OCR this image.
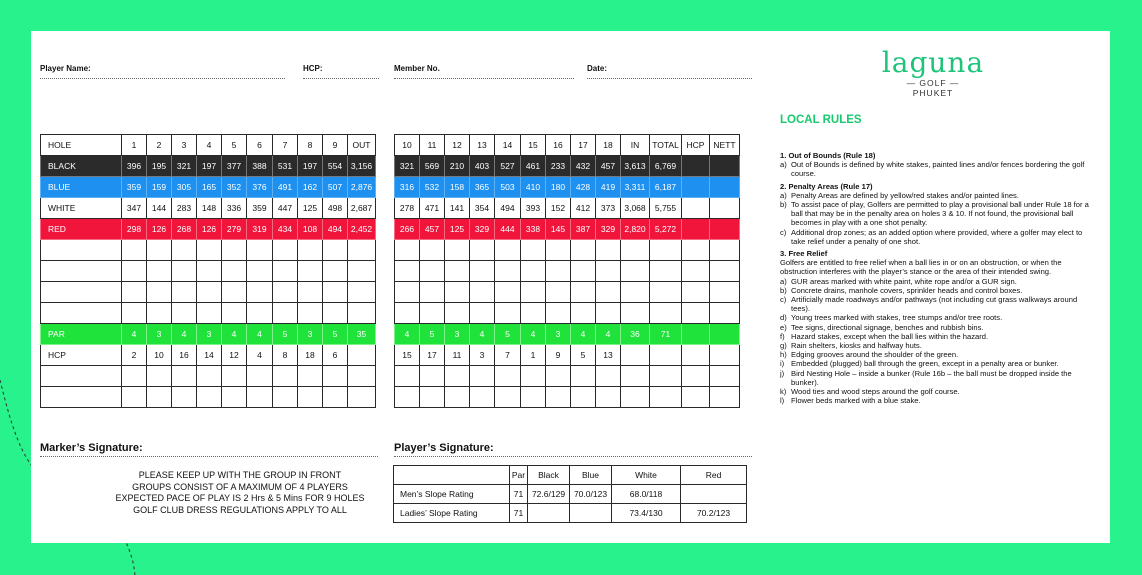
Player Name:	HCP:	Member No.	Date:
HOLE	1	2	3	4	5	6	7	8	9	OUT
BLACK	396	195	321	197	377	388	531	197	554	3,156
BLUE	359	159	305	165	352	376	491	162	507	2,876
WHITE	347	144	283	148	336	359	447	125	498	2,687
RED	298	126	268	126	279	319	434	108	494	2,452

PAR	4	3	4	3	4	4	5	3	5	35
HCP	2	10	16	14	12	4	8	18	6	

10	11	12	13	14	15	16	17	18	IN	TOTAL	HCP	NETT
321	569	210	403	527	461	233	432	457	3,613	6,769		
316	532	158	365	503	410	180	428	419	3,311	6,187		
278	471	141	354	494	393	152	412	373	3,068	5,755		
266	457	125	329	444	338	145	387	329	2,820	5,272		

4	5	3	4	5	4	3	4	4	36	71		
15	17	11	3	7	1	9	5	13				

Marker’s Signature:	Player’s Signature:
PLEASE KEEP UP WITH THE GROUP IN FRONT
GROUPS CONSIST OF A MAXIMUM OF 4 PLAYERS
EXPECTED PACE OF PLAY IS 2 Hrs & 5 Mins FOR 9 HOLES
GOLF CLUB DRESS REGULATIONS APPLY TO ALL
	Par	Black	Blue	White	Red
Men’s Slope Rating	71	72.6/129	70.0/123	68.0/118	
Ladies’ Slope Rating	71			73.4/130	70.2/123
laguna
— GOLF —
PHUKET
LOCAL RULES
1. Out of Bounds (Rule 18)
a) Out of Bounds is defined by white stakes, painted lines and/or fences bordering the golf course.
2. Penalty Areas (Rule 17)
a) Penalty Areas are defined by yellow/red stakes and/or painted lines.
b) To assist pace of play, Golfers are permitted to play a provisional ball under Rule 18 for a ball that may be in the penalty area on holes 3 & 10. If not found, the provisional ball becomes in play with a one shot penalty.
c) Additional drop zones; as an added option where provided, where a golfer may elect to take relief under a penalty of one shot.
3. Free Relief
Golfers are entitled to free relief when a ball lies in or on an obstruction, or when the obstruction interferes with the player’s stance or the area of their intended swing.
a) GUR areas marked with white paint, white rope and/or a GUR sign.
b) Concrete drains, manhole covers, sprinkler heads and control boxes.
c) Artificially made roadways and/or pathways (not including cut grass walkways around tees).
d) Young trees marked with stakes, tree stumps and/or tree roots.
e) Tee signs, directional signage, benches and rubbish bins.
f) Hazard stakes, except when the ball lies within the hazard.
g) Rain shelters, kiosks and halfway huts.
h) Edging grooves around the shoulder of the green.
i) Embedded (plugged) ball through the green, except in a penalty area or bunker.
j) Bird Nesting Hole – inside a bunker (Rule 16b – the ball must be dropped inside the bunker).
k) Wood ties and wood steps around the golf course.
l) Flower beds marked with a blue stake.
